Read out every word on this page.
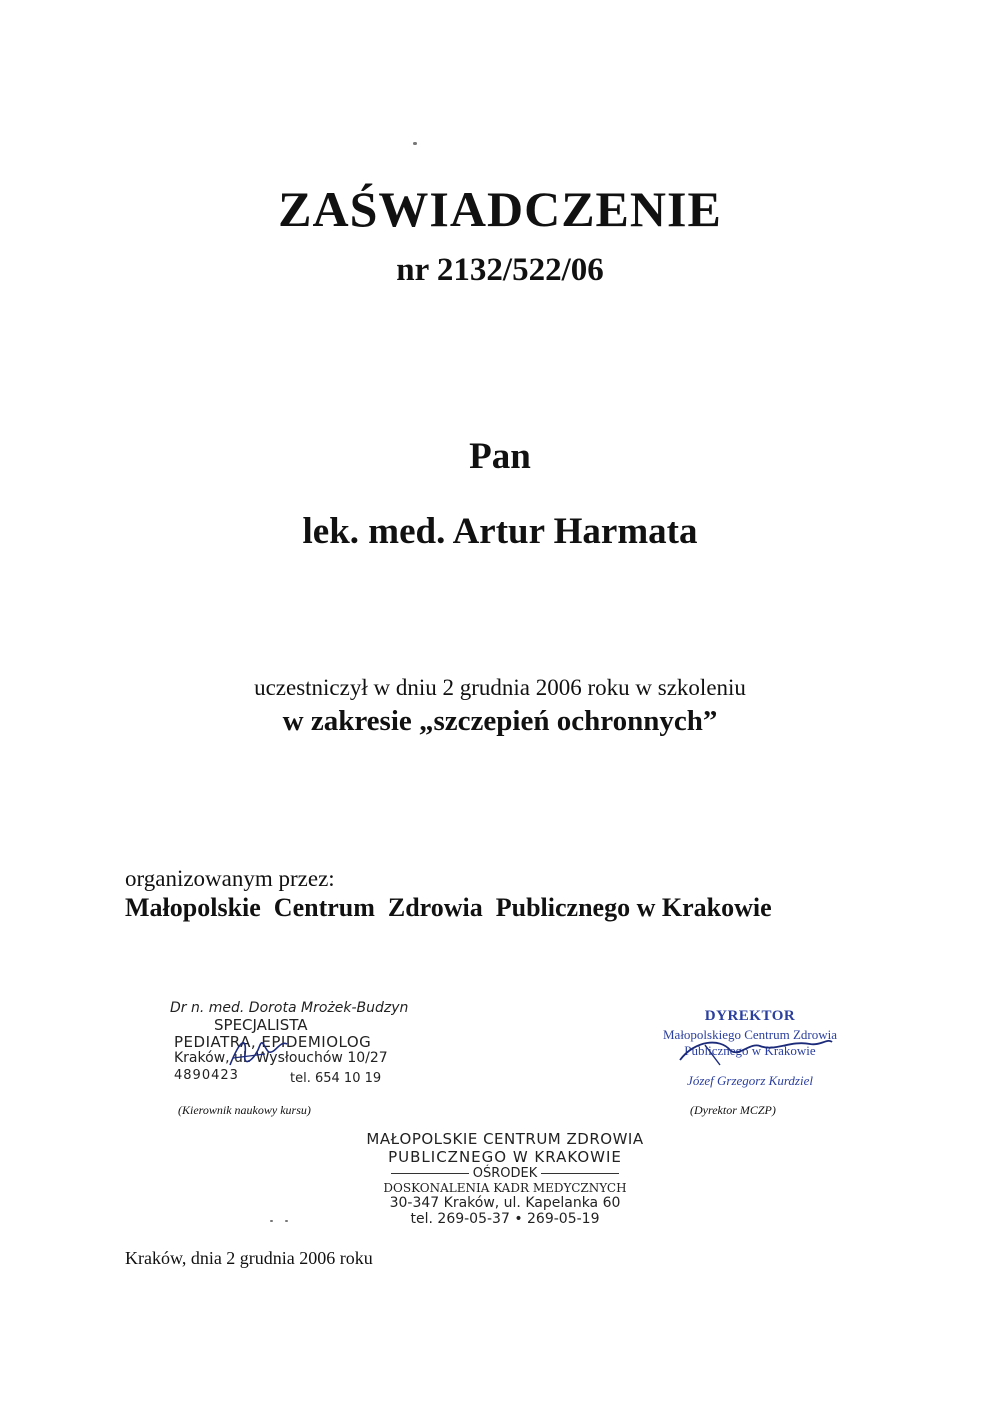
ZAŚWIADCZENIE
nr 2132/522/06
Pan
lek. med. Artur Harmata
uczestniczył w dniu 2 grudnia 2006 roku w szkoleniu
w zakresie „szczepień ochronnych”
organizowanym przez:
Małopolskie  Centrum  Zdrowia  Publicznego w Krakowie
Dr n. med. Dorota Mrożek-Budzyn
SPECJALISTA
PEDIATRA, EPIDEMIOLOG
Kraków, ul. Wysłouchów 10/27
4890423	tel. 654 10 19
(Kierownik naukowy kursu)
DYREKTOR
Małopolskiego Centrum Zdrowia
Publicznego w Krakowie
Józef Grzegorz Kurdziel
(Dyrektor MCZP)
MAŁOPOLSKIE CENTRUM ZDROWIA
PUBLICZNEGO W KRAKOWIE
OŚRODEK
DOSKONALENIA KADR MEDYCZNYCH
30-347 Kraków, ul. Kapelanka 60
tel. 269-05-37 • 269-05-19
Kraków, dnia 2 grudnia 2006 roku
